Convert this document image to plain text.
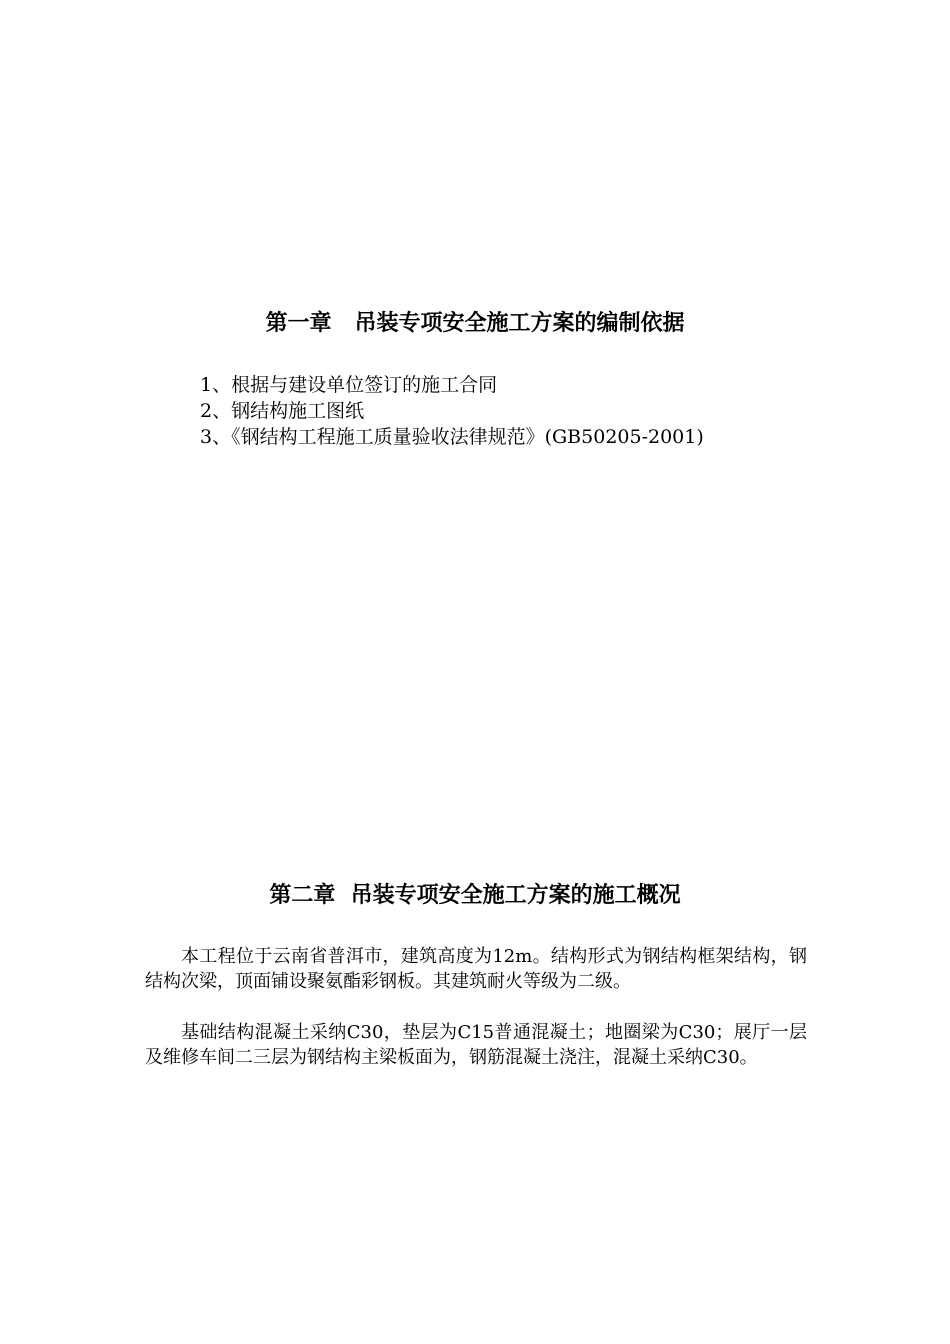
第一章   吊装专项安全施工方案的编制依据
1、根据与建设单位签订的施工合同
2、钢结构施工图纸
3、《钢结构工程施工质量验收法律规范》(GB50205-2001)
第二章  吊装专项安全施工方案的施工概况

本工程位于云南省普洱市，建筑高度为12m。结构形式为钢结构框架结构，钢结构次梁，顶面铺设聚氨酯彩钢板。其建筑耐火等级为二级。

基础结构混凝土采纳C30，垫层为C15普通混凝土；地圈梁为C30；展厅一层及维修车间二三层为钢结构主梁板面为，钢筋混凝土浇注，混凝土采纳C30。
